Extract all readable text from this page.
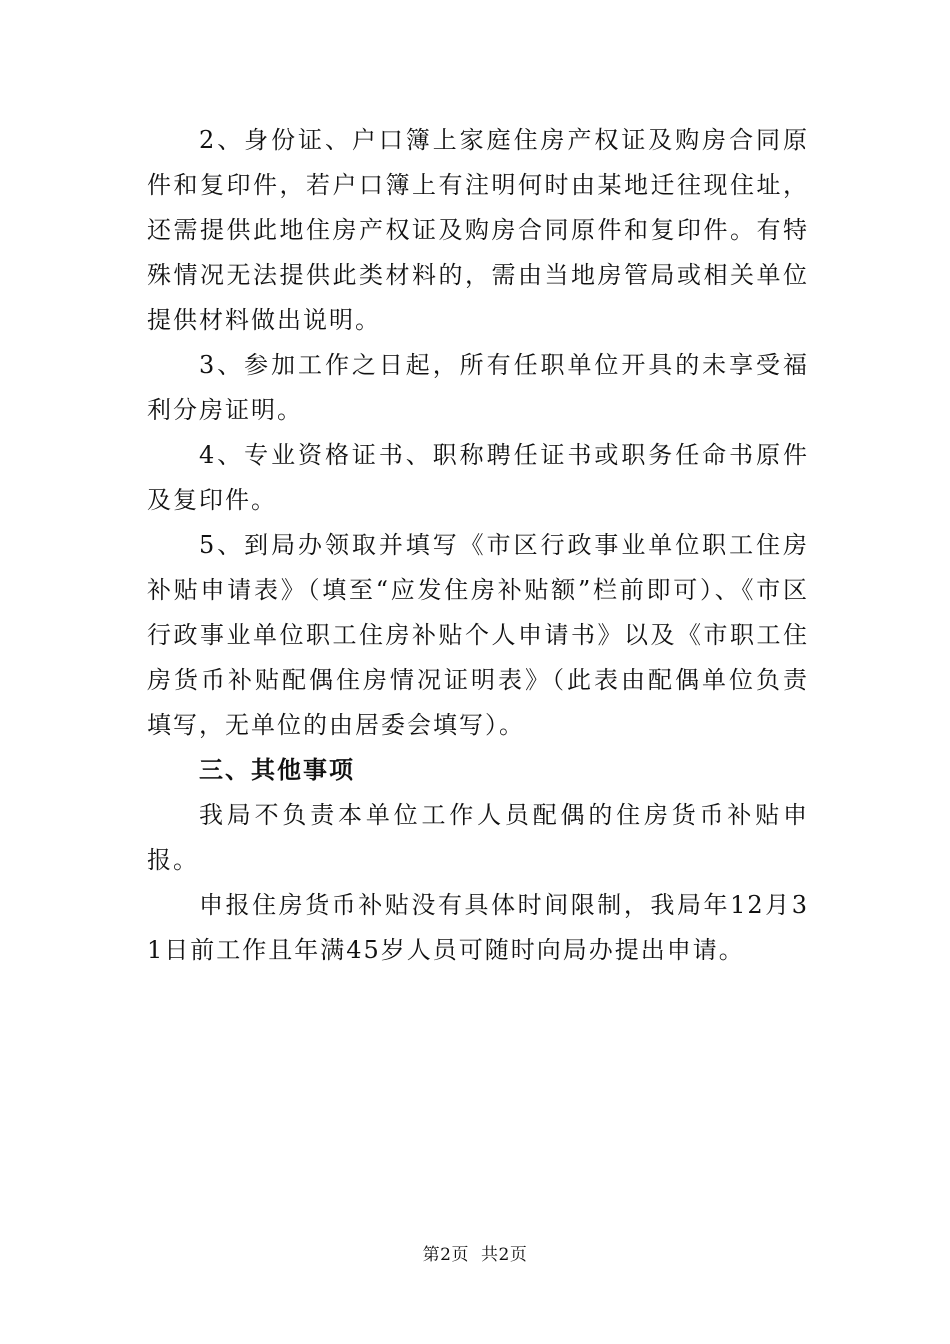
2、身份证、户口簿上家庭住房产权证及购房合同原件和复印件，若户口簿上有注明何时由某地迁往现住址，还需提供此地住房产权证及购房合同原件和复印件。有特殊情况无法提供此类材料的，需由当地房管局或相关单位提供材料做出说明。

3、参加工作之日起，所有任职单位开具的未享受福利分房证明。

4、专业资格证书、职称聘任证书或职务任命书原件及复印件。

5、到局办领取并填写《市区行政事业单位职工住房补贴申请表》（填至“应发住房补贴额”栏前即可）、《市区行政事业单位职工住房补贴个人申请书》以及《市职工住房货币补贴配偶住房情况证明表》（此表由配偶单位负责填写，无单位的由居委会填写）。

三、其他事项

我局不负责本单位工作人员配偶的住房货币补贴申报。

申报住房货币补贴没有具体时间限制，我局年12月31日前工作且年满45岁人员可随时向局办提出申请。

第2页 共2页
